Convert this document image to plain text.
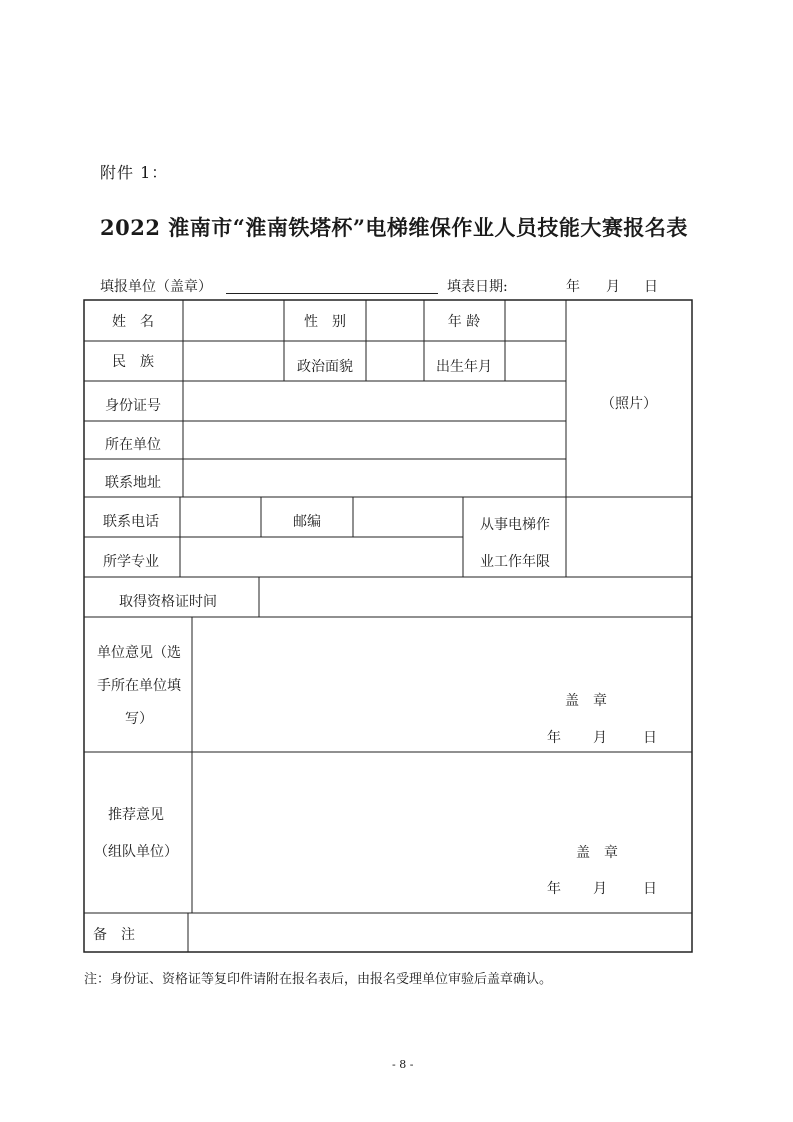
附件 1：
2022 淮南市“淮南铁塔杯”电梯维保作业人员技能大赛报名表
填报单位（盖章）	填表日期:	年 月 日
姓　名	性　别	年 龄
民　族	政治面貌	出生年月
（照片）
身份证号
所在单位
联系地址
联系电话	邮编	从事电梯作
业工作年限
所学专业
取得资格证时间
单位意见（选手所在单位填写）
盖　章
年 月	日
推荐意见
（组队单位）	盖　章
年 月	日
备　注
注：身份证、资格证等复印件请附在报名表后，由报名受理单位审验后盖章确认。
- 8 -
